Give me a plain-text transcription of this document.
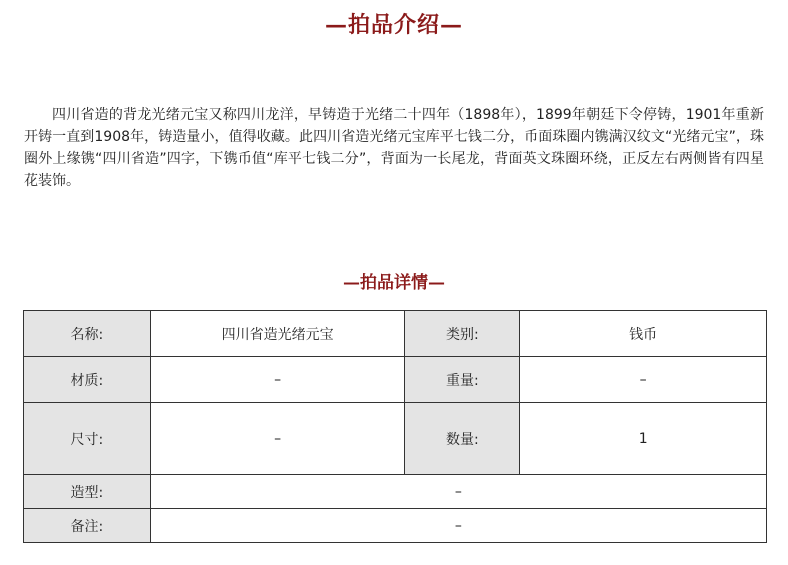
—拍品介绍—

四川省造的背龙光绪元宝又称四川龙洋，早铸造于光绪二十四年（1898年），1899年朝廷下令停铸，1901年重新开铸一直到1908年，铸造量小，值得收藏。此四川省造光绪元宝库平七钱二分，币面珠圈内镌满汉纹文“光绪元宝”，珠圈外上缘镌“四川省造”四字，下镌币值“库平七钱二分”，背面为一长尾龙，背面英文珠圈环绕，正反左右两侧皆有四星花装饰。

—拍品详情—
名称:	四川省造光绪元宝	类别:	钱币
材质:	–	重量:	–
尺寸:	–	数量:	1
造型:	–		
备注:	–		
